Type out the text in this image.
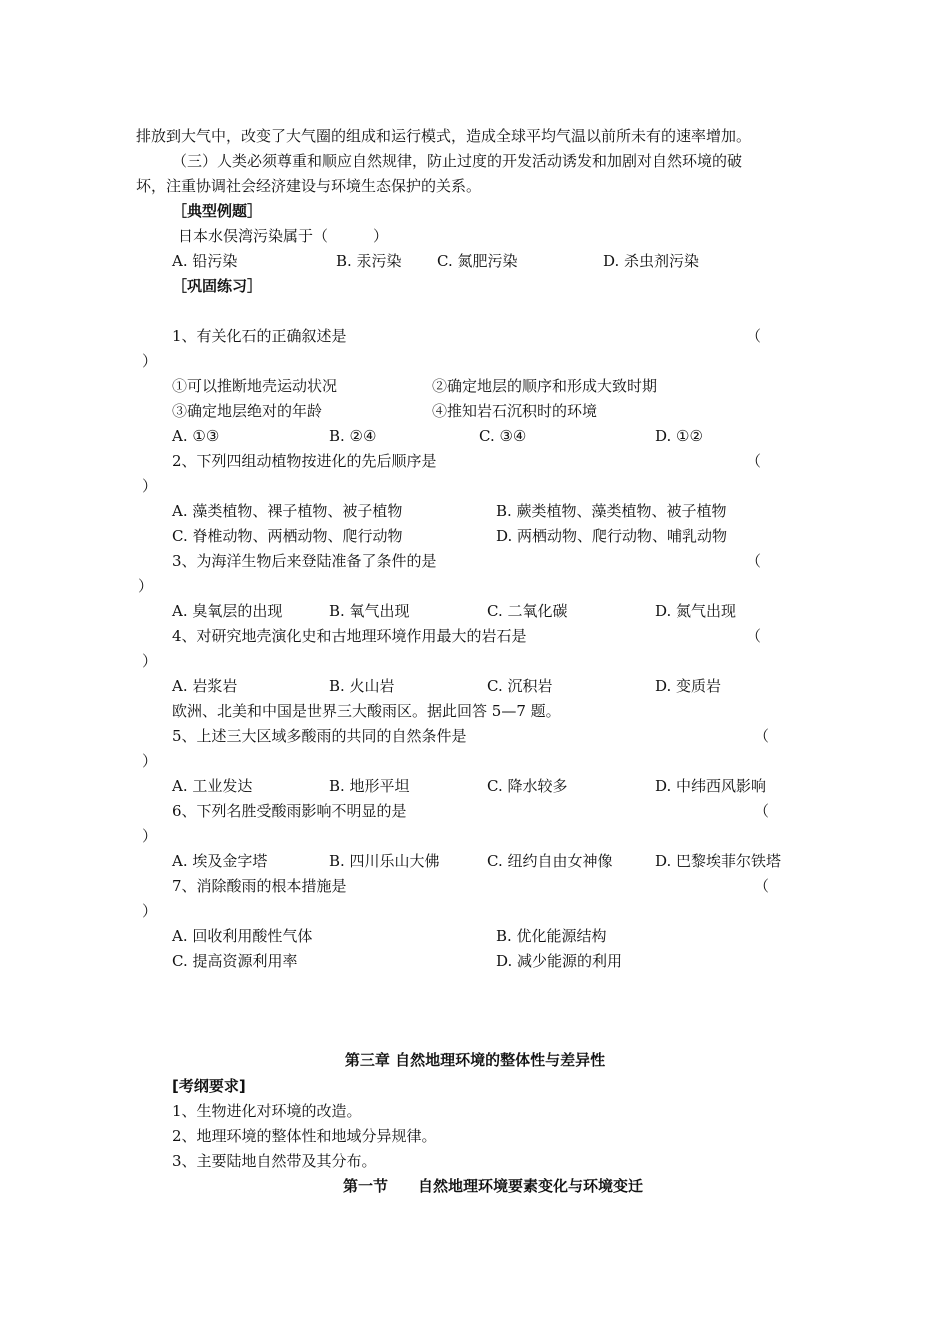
排放到大气中，改变了大气圈的组成和运行模式，造成全球平均气温以前所未有的速率增加。
（三）人类必须尊重和顺应自然规律，防止过度的开发活动诱发和加剧对自然环境的破
坏，注重协调社会经济建设与环境生态保护的关系。
［典型例题］
日本水俣湾污染属于（　　　）
A. 铅污染	B. 汞污染 C. 氮肥污染	D. 杀虫剂污染
［巩固练习］
1、有关化石的正确叙述是	（
）
①可以推断地壳运动状况	②确定地层的顺序和形成大致时期
③确定地层绝对的年龄	④推知岩石沉积时的环境
A. ①③	B. ②④	C. ③④	D. ①②
2、下列四组动植物按进化的先后顺序是	（
）
A. 藻类植物、裸子植物、被子植物	B. 蕨类植物、藻类植物、被子植物
C. 脊椎动物、两栖动物、爬行动物	D. 两栖动物、爬行动物、哺乳动物
3、为海洋生物后来登陆准备了条件的是	（
）
A. 臭氧层的出现	B. 氧气出现	C. 二氧化碳	D. 氮气出现
4、对研究地壳演化史和古地理环境作用最大的岩石是	（
）
A. 岩浆岩	B. 火山岩	C. 沉积岩	D. 变质岩
欧洲、北美和中国是世界三大酸雨区。据此回答 5—7 题。
5、上述三大区域多酸雨的共同的自然条件是	（
）
A. 工业发达	B. 地形平坦	C. 降水较多	D. 中纬西风影响
6、下列名胜受酸雨影响不明显的是	（
）
A. 埃及金字塔	B. 四川乐山大佛	C. 纽约自由女神像	D. 巴黎埃菲尔铁塔
7、消除酸雨的根本措施是	（
）
A. 回收利用酸性气体	B. 优化能源结构
C. 提高资源利用率	D. 减少能源的利用
第三章 自然地理环境的整体性与差异性
[考纲要求]
1、生物进化对环境的改造。
2、地理环境的整体性和地域分异规律。
3、主要陆地自然带及其分布。
第一节　　自然地理环境要素变化与环境变迁
